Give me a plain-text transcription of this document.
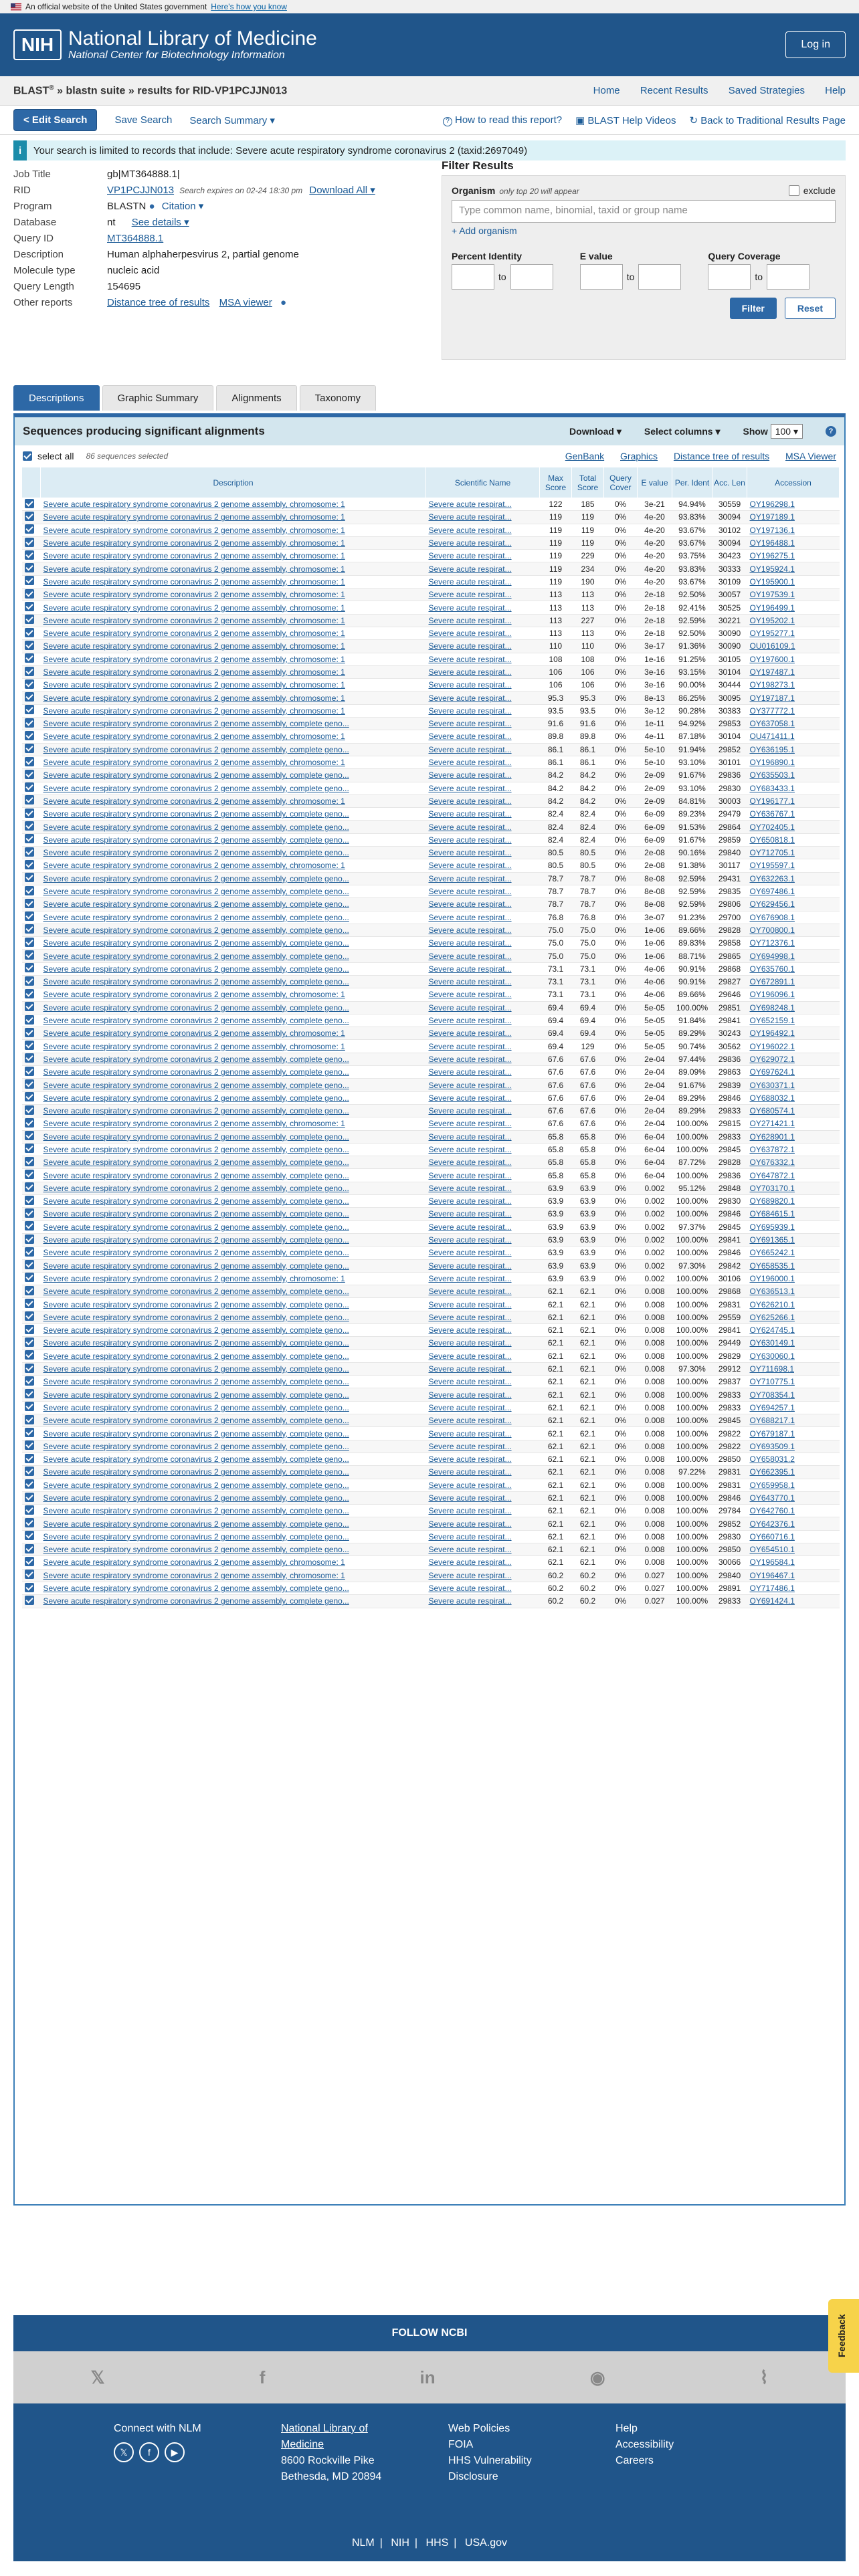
An official website of the United States government Here's how you know
NIH National Library of Medicine
National Center for Biotechnology Information
Log in
BLAST® » blastn suite » results for RID-VP1PCJJN013	Home Recent Results Saved Strategies Help
< Edit Search	Save Search Search Summary ▾	? How to read this report? ▣ BLAST Help Videos ↻ Back to Traditional Results Page
i Your search is limited to records that include: Severe acute respiratory syndrome coronavirus 2 (taxid:2697049)
Job Title	gb|MT364888.1|
RID	VP1PCJJN013 Search expires on 02-24 18:30 pm Download All ▾
Program	BLASTN ● Citation ▾
Database	nt See details ▾
Query ID	MT364888.1
Description	Human alphaherpesvirus 2, partial genome
Molecule type	nucleic acid
Query Length	154695
Other reports	Distance tree of results MSA viewer ●
Filter Results
Organism only top 20 will appear	exclude
Type common name, binomial, taxid or group name
+ Add organism
Percent Identity
to
E value
to
Query Coverage
to
Filter	Reset
Descriptions	Graphic Summary	Alignments	Taxonomy
Sequences producing significant alignments	Download ▾ Select columns ▾ Show 100 ▾	?
select all 86 sequences selected	GenBank Graphics Distance tree of results MSA Viewer
	Description	Scientific Name	Max Score	Total Score	Query Cover	E value	Per. Ident	Acc. Len	Accession
	Severe acute respiratory syndrome coronavirus 2 genome assembly, chromosome: 1	Severe acute respirat...	122	185	0%	3e-21	94.94%	30559	OY196298.1
	Severe acute respiratory syndrome coronavirus 2 genome assembly, chromosome: 1	Severe acute respirat...	119	119	0%	4e-20	93.83%	30094	OY197189.1
	Severe acute respiratory syndrome coronavirus 2 genome assembly, chromosome: 1	Severe acute respirat...	119	119	0%	4e-20	93.67%	30102	OY197136.1
	Severe acute respiratory syndrome coronavirus 2 genome assembly, chromosome: 1	Severe acute respirat...	119	119	0%	4e-20	93.67%	30094	OY196488.1
	Severe acute respiratory syndrome coronavirus 2 genome assembly, chromosome: 1	Severe acute respirat...	119	229	0%	4e-20	93.75%	30423	OY196275.1
	Severe acute respiratory syndrome coronavirus 2 genome assembly, chromosome: 1	Severe acute respirat...	119	234	0%	4e-20	93.83%	30333	OY195924.1
	Severe acute respiratory syndrome coronavirus 2 genome assembly, chromosome: 1	Severe acute respirat...	119	190	0%	4e-20	93.67%	30109	OY195900.1
	Severe acute respiratory syndrome coronavirus 2 genome assembly, chromosome: 1	Severe acute respirat...	113	113	0%	2e-18	92.50%	30057	OY197539.1
	Severe acute respiratory syndrome coronavirus 2 genome assembly, chromosome: 1	Severe acute respirat...	113	113	0%	2e-18	92.41%	30525	OY196499.1
	Severe acute respiratory syndrome coronavirus 2 genome assembly, chromosome: 1	Severe acute respirat...	113	227	0%	2e-18	92.59%	30221	OY195202.1
	Severe acute respiratory syndrome coronavirus 2 genome assembly, chromosome: 1	Severe acute respirat...	113	113	0%	2e-18	92.50%	30090	OY195277.1
	Severe acute respiratory syndrome coronavirus 2 genome assembly, chromosome: 1	Severe acute respirat...	110	110	0%	3e-17	91.36%	30090	OU016109.1
	Severe acute respiratory syndrome coronavirus 2 genome assembly, chromosome: 1	Severe acute respirat...	108	108	0%	1e-16	91.25%	30105	OY197600.1
	Severe acute respiratory syndrome coronavirus 2 genome assembly, chromosome: 1	Severe acute respirat...	106	106	0%	3e-16	93.15%	30104	OY197487.1
	Severe acute respiratory syndrome coronavirus 2 genome assembly, chromosome: 1	Severe acute respirat...	106	106	0%	3e-16	90.00%	30444	OY198273.1
	Severe acute respiratory syndrome coronavirus 2 genome assembly, chromosome: 1	Severe acute respirat...	95.3	95.3	0%	8e-13	86.25%	30095	OY197187.1
	Severe acute respiratory syndrome coronavirus 2 genome assembly, chromosome: 1	Severe acute respirat...	93.5	93.5	0%	3e-12	90.28%	30383	OY377772.1
	Severe acute respiratory syndrome coronavirus 2 genome assembly, complete geno...	Severe acute respirat...	91.6	91.6	0%	1e-11	94.92%	29853	OY637058.1
	Severe acute respiratory syndrome coronavirus 2 genome assembly, chromosome: 1	Severe acute respirat...	89.8	89.8	0%	4e-11	87.18%	30104	OU471411.1
	Severe acute respiratory syndrome coronavirus 2 genome assembly, complete geno...	Severe acute respirat...	86.1	86.1	0%	5e-10	91.94%	29852	OY636195.1
	Severe acute respiratory syndrome coronavirus 2 genome assembly, chromosome: 1	Severe acute respirat...	86.1	86.1	0%	5e-10	93.10%	30101	OY196890.1
	Severe acute respiratory syndrome coronavirus 2 genome assembly, complete geno...	Severe acute respirat...	84.2	84.2	0%	2e-09	91.67%	29836	OY635503.1
	Severe acute respiratory syndrome coronavirus 2 genome assembly, complete geno...	Severe acute respirat...	84.2	84.2	0%	2e-09	93.10%	29830	OY683433.1
	Severe acute respiratory syndrome coronavirus 2 genome assembly, chromosome: 1	Severe acute respirat...	84.2	84.2	0%	2e-09	84.81%	30003	OY196177.1
	Severe acute respiratory syndrome coronavirus 2 genome assembly, complete geno...	Severe acute respirat...	82.4	82.4	0%	6e-09	89.23%	29479	OY636767.1
	Severe acute respiratory syndrome coronavirus 2 genome assembly, complete geno...	Severe acute respirat...	82.4	82.4	0%	6e-09	91.53%	29864	OY702405.1
	Severe acute respiratory syndrome coronavirus 2 genome assembly, complete geno...	Severe acute respirat...	82.4	82.4	0%	6e-09	91.67%	29859	OY650818.1
	Severe acute respiratory syndrome coronavirus 2 genome assembly, complete geno...	Severe acute respirat...	80.5	80.5	0%	2e-08	90.16%	29840	OY712705.1
	Severe acute respiratory syndrome coronavirus 2 genome assembly, chromosome: 1	Severe acute respirat...	80.5	80.5	0%	2e-08	91.38%	30117	OY195597.1
	Severe acute respiratory syndrome coronavirus 2 genome assembly, complete geno...	Severe acute respirat...	78.7	78.7	0%	8e-08	92.59%	29431	OY632263.1
	Severe acute respiratory syndrome coronavirus 2 genome assembly, complete geno...	Severe acute respirat...	78.7	78.7	0%	8e-08	92.59%	29835	OY697486.1
	Severe acute respiratory syndrome coronavirus 2 genome assembly, complete geno...	Severe acute respirat...	78.7	78.7	0%	8e-08	92.59%	29806	OY629456.1
	Severe acute respiratory syndrome coronavirus 2 genome assembly, complete geno...	Severe acute respirat...	76.8	76.8	0%	3e-07	91.23%	29700	OY676908.1
	Severe acute respiratory syndrome coronavirus 2 genome assembly, complete geno...	Severe acute respirat...	75.0	75.0	0%	1e-06	89.66%	29828	OY700800.1
	Severe acute respiratory syndrome coronavirus 2 genome assembly, complete geno...	Severe acute respirat...	75.0	75.0	0%	1e-06	89.83%	29858	OY712376.1
	Severe acute respiratory syndrome coronavirus 2 genome assembly, complete geno...	Severe acute respirat...	75.0	75.0	0%	1e-06	88.71%	29865	OY694998.1
	Severe acute respiratory syndrome coronavirus 2 genome assembly, complete geno...	Severe acute respirat...	73.1	73.1	0%	4e-06	90.91%	29868	OY635760.1
	Severe acute respiratory syndrome coronavirus 2 genome assembly, complete geno...	Severe acute respirat...	73.1	73.1	0%	4e-06	90.91%	29827	OY672891.1
	Severe acute respiratory syndrome coronavirus 2 genome assembly, chromosome: 1	Severe acute respirat...	73.1	73.1	0%	4e-06	89.66%	29646	OY196096.1
	Severe acute respiratory syndrome coronavirus 2 genome assembly, complete geno...	Severe acute respirat...	69.4	69.4	0%	5e-05	100.00%	29851	OY698248.1
	Severe acute respiratory syndrome coronavirus 2 genome assembly, complete geno...	Severe acute respirat...	69.4	69.4	0%	5e-05	91.84%	29841	OY652159.1
	Severe acute respiratory syndrome coronavirus 2 genome assembly, chromosome: 1	Severe acute respirat...	69.4	69.4	0%	5e-05	89.29%	30243	OY196492.1
	Severe acute respiratory syndrome coronavirus 2 genome assembly, chromosome: 1	Severe acute respirat...	69.4	129	0%	5e-05	90.74%	30562	OY196022.1
	Severe acute respiratory syndrome coronavirus 2 genome assembly, complete geno...	Severe acute respirat...	67.6	67.6	0%	2e-04	97.44%	29836	OY629072.1
	Severe acute respiratory syndrome coronavirus 2 genome assembly, complete geno...	Severe acute respirat...	67.6	67.6	0%	2e-04	89.09%	29863	OY697624.1
	Severe acute respiratory syndrome coronavirus 2 genome assembly, complete geno...	Severe acute respirat...	67.6	67.6	0%	2e-04	91.67%	29839	OY630371.1
	Severe acute respiratory syndrome coronavirus 2 genome assembly, complete geno...	Severe acute respirat...	67.6	67.6	0%	2e-04	89.29%	29846	OY688032.1
	Severe acute respiratory syndrome coronavirus 2 genome assembly, complete geno...	Severe acute respirat...	67.6	67.6	0%	2e-04	89.29%	29833	OY680574.1
	Severe acute respiratory syndrome coronavirus 2 genome assembly, chromosome: 1	Severe acute respirat...	67.6	67.6	0%	2e-04	100.00%	29815	OY271421.1
	Severe acute respiratory syndrome coronavirus 2 genome assembly, complete geno...	Severe acute respirat...	65.8	65.8	0%	6e-04	100.00%	29833	OY628901.1
	Severe acute respiratory syndrome coronavirus 2 genome assembly, complete geno...	Severe acute respirat...	65.8	65.8	0%	6e-04	100.00%	29845	OY637872.1
	Severe acute respiratory syndrome coronavirus 2 genome assembly, complete geno...	Severe acute respirat...	65.8	65.8	0%	6e-04	87.72%	29828	OY676332.1
	Severe acute respiratory syndrome coronavirus 2 genome assembly, complete geno...	Severe acute respirat...	65.8	65.8	0%	6e-04	100.00%	29836	OY647872.1
	Severe acute respiratory syndrome coronavirus 2 genome assembly, complete geno...	Severe acute respirat...	63.9	63.9	0%	0.002	95.12%	29848	OY703170.1
	Severe acute respiratory syndrome coronavirus 2 genome assembly, complete geno...	Severe acute respirat...	63.9	63.9	0%	0.002	100.00%	29830	OY689820.1
	Severe acute respiratory syndrome coronavirus 2 genome assembly, complete geno...	Severe acute respirat...	63.9	63.9	0%	0.002	100.00%	29846	OY684615.1
	Severe acute respiratory syndrome coronavirus 2 genome assembly, complete geno...	Severe acute respirat...	63.9	63.9	0%	0.002	97.37%	29845	OY695939.1
	Severe acute respiratory syndrome coronavirus 2 genome assembly, complete geno...	Severe acute respirat...	63.9	63.9	0%	0.002	100.00%	29841	OY691365.1
	Severe acute respiratory syndrome coronavirus 2 genome assembly, complete geno...	Severe acute respirat...	63.9	63.9	0%	0.002	100.00%	29846	OY665242.1
	Severe acute respiratory syndrome coronavirus 2 genome assembly, complete geno...	Severe acute respirat...	63.9	63.9	0%	0.002	97.30%	29842	OY658535.1
	Severe acute respiratory syndrome coronavirus 2 genome assembly, chromosome: 1	Severe acute respirat...	63.9	63.9	0%	0.002	100.00%	30106	OY196000.1
	Severe acute respiratory syndrome coronavirus 2 genome assembly, complete geno...	Severe acute respirat...	62.1	62.1	0%	0.008	100.00%	29868	OY636513.1
	Severe acute respiratory syndrome coronavirus 2 genome assembly, complete geno...	Severe acute respirat...	62.1	62.1	0%	0.008	100.00%	29831	OY626210.1
	Severe acute respiratory syndrome coronavirus 2 genome assembly, complete geno...	Severe acute respirat...	62.1	62.1	0%	0.008	100.00%	29559	OY625266.1
	Severe acute respiratory syndrome coronavirus 2 genome assembly, complete geno...	Severe acute respirat...	62.1	62.1	0%	0.008	100.00%	29841	OY624745.1
	Severe acute respiratory syndrome coronavirus 2 genome assembly, complete geno...	Severe acute respirat...	62.1	62.1	0%	0.008	100.00%	29449	OY630149.1
	Severe acute respiratory syndrome coronavirus 2 genome assembly, complete geno...	Severe acute respirat...	62.1	62.1	0%	0.008	100.00%	29829	OY630060.1
	Severe acute respiratory syndrome coronavirus 2 genome assembly, complete geno...	Severe acute respirat...	62.1	62.1	0%	0.008	97.30%	29912	OY711698.1
	Severe acute respiratory syndrome coronavirus 2 genome assembly, complete geno...	Severe acute respirat...	62.1	62.1	0%	0.008	100.00%	29837	OY710775.1
	Severe acute respiratory syndrome coronavirus 2 genome assembly, complete geno...	Severe acute respirat...	62.1	62.1	0%	0.008	100.00%	29833	OY708354.1
	Severe acute respiratory syndrome coronavirus 2 genome assembly, complete geno...	Severe acute respirat...	62.1	62.1	0%	0.008	100.00%	29833	OY694257.1
	Severe acute respiratory syndrome coronavirus 2 genome assembly, complete geno...	Severe acute respirat...	62.1	62.1	0%	0.008	100.00%	29845	OY688217.1
	Severe acute respiratory syndrome coronavirus 2 genome assembly, complete geno...	Severe acute respirat...	62.1	62.1	0%	0.008	100.00%	29822	OY679187.1
	Severe acute respiratory syndrome coronavirus 2 genome assembly, complete geno...	Severe acute respirat...	62.1	62.1	0%	0.008	100.00%	29822	OY693509.1
	Severe acute respiratory syndrome coronavirus 2 genome assembly, complete geno...	Severe acute respirat...	62.1	62.1	0%	0.008	100.00%	29850	OY658031.2
	Severe acute respiratory syndrome coronavirus 2 genome assembly, complete geno...	Severe acute respirat...	62.1	62.1	0%	0.008	97.22%	29831	OY662395.1
	Severe acute respiratory syndrome coronavirus 2 genome assembly, complete geno...	Severe acute respirat...	62.1	62.1	0%	0.008	100.00%	29831	OY659958.1
	Severe acute respiratory syndrome coronavirus 2 genome assembly, complete geno...	Severe acute respirat...	62.1	62.1	0%	0.008	100.00%	29846	OY643770.1
	Severe acute respiratory syndrome coronavirus 2 genome assembly, complete geno...	Severe acute respirat...	62.1	62.1	0%	0.008	100.00%	29784	OY642760.1
	Severe acute respiratory syndrome coronavirus 2 genome assembly, complete geno...	Severe acute respirat...	62.1	62.1	0%	0.008	100.00%	29852	OY642376.1
	Severe acute respiratory syndrome coronavirus 2 genome assembly, complete geno...	Severe acute respirat...	62.1	62.1	0%	0.008	100.00%	29830	OY660716.1
	Severe acute respiratory syndrome coronavirus 2 genome assembly, complete geno...	Severe acute respirat...	62.1	62.1	0%	0.008	100.00%	29850	OY654510.1
	Severe acute respiratory syndrome coronavirus 2 genome assembly, chromosome: 1	Severe acute respirat...	62.1	62.1	0%	0.008	100.00%	30066	OY196584.1
	Severe acute respiratory syndrome coronavirus 2 genome assembly, chromosome: 1	Severe acute respirat...	60.2	60.2	0%	0.027	100.00%	29840	OY196467.1
	Severe acute respiratory syndrome coronavirus 2 genome assembly, complete geno...	Severe acute respirat...	60.2	60.2	0%	0.027	100.00%	29891	OY717486.1
	Severe acute respiratory syndrome coronavirus 2 genome assembly, complete geno...	Severe acute respirat...	60.2	60.2	0%	0.027	100.00%	29833	OY691424.1
FOLLOW NCBI
𝕏	f	in	◉	⌇
Connect with NLM
𝕏	f	▶
National Library of
Medicine
8600 Rockville Pike
Bethesda, MD 20894
Web Policies
FOIA
HHS Vulnerability
Disclosure
Help
Accessibility
Careers
NLM | NIH | HHS | USA.gov
Feedback
